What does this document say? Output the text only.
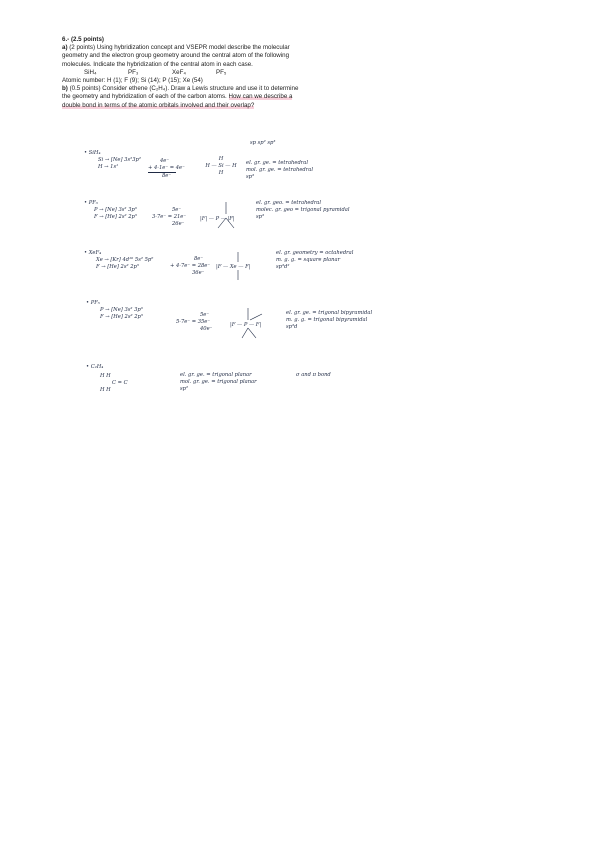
6.- (2.5 points)
a) (2 points) Using hybridization concept and VSEPR model describe the molecular
geometry and the electron group geometry around the central atom of the following
molecules. Indicate the hybridization of the central atom in each case.
SiH₄	PF₃	XeF₄	PF₅
Atomic number: H (1); F (9); Si (14); P (15); Xe (54)
b) (0.5 points) Consider ethene (C₂H₄). Draw a Lewis structure and use it to determine
the geometry and hybridization of each of the carbon atoms. How can we describe a
double bond in terms of the atomic orbitals involved and their overlap?
sp sp² sp³
• SiH₄
Si → [Ne] 3s²3p²
H → 1s¹
4e⁻
+ 4·1e⁻ = 4e⁻
8e⁻
H
H — Si — H
H
el. gr. ge. = tetrahedral
mol. gr. ge. = tetrahedral
sp³
• PF₃
P → [Ne] 3s² 3p³
F → [He] 2s² 2p⁵
5e⁻
3·7e⁻ = 21e⁻
26e⁻
|F| — P — |F|
el. gr. geo. = tetrahedral
molec. gr. geo = trigonal pyramidal
sp³
• XeF₄
Xe → [Kr] 4d¹⁰ 5s² 5p⁶
F → [He] 2s² 2p⁵
8e⁻
+ 4·7e⁻ = 28e⁻
36e⁻
|F — Xe — F|
el. gr. geometry = octahedral
m. g. g. = square planar
sp³d²
• PF₅
P → [Ne] 3s² 3p³
F → [He] 2s² 2p⁵	5e⁻
5·7e⁻ = 35e⁻
40e⁻
|F — P — F|
el. gr. ge. = trigonal bipyramidal
m. g. g. = trigonal bipyramidal
sp³d
• C₂H₄
H H
C = C
H H
el. gr. ge. = trigonal planar
mol. gr. ge. = trigonal planar
sp²
σ and π bond
